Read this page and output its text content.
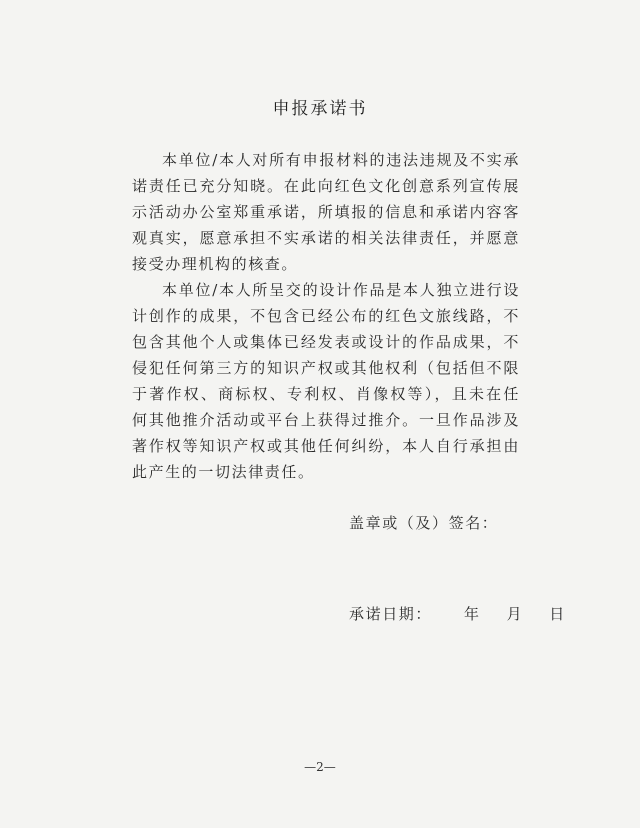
申报承诺书

本单位/本人对所有申报材料的违法违规及不实承诺责任已充分知晓。在此向红色文化创意系列宣传展示活动办公室郑重承诺，所填报的信息和承诺内容客观真实，愿意承担不实承诺的相关法律责任，并愿意接受办理机构的核查。

本单位/本人所呈交的设计作品是本人独立进行设计创作的成果，不包含已经公布的红色文旅线路，不包含其他个人或集体已经发表或设计的作品成果，不侵犯任何第三方的知识产权或其他权利（包括但不限于著作权、商标权、专利权、肖像权等），且未在任何其他推介活动或平台上获得过推介。一旦作品涉及著作权等知识产权或其他任何纠纷，本人自行承担由此产生的一切法律责任。

盖章或（及）签名：
承诺日期： 年 月 日
—2—
